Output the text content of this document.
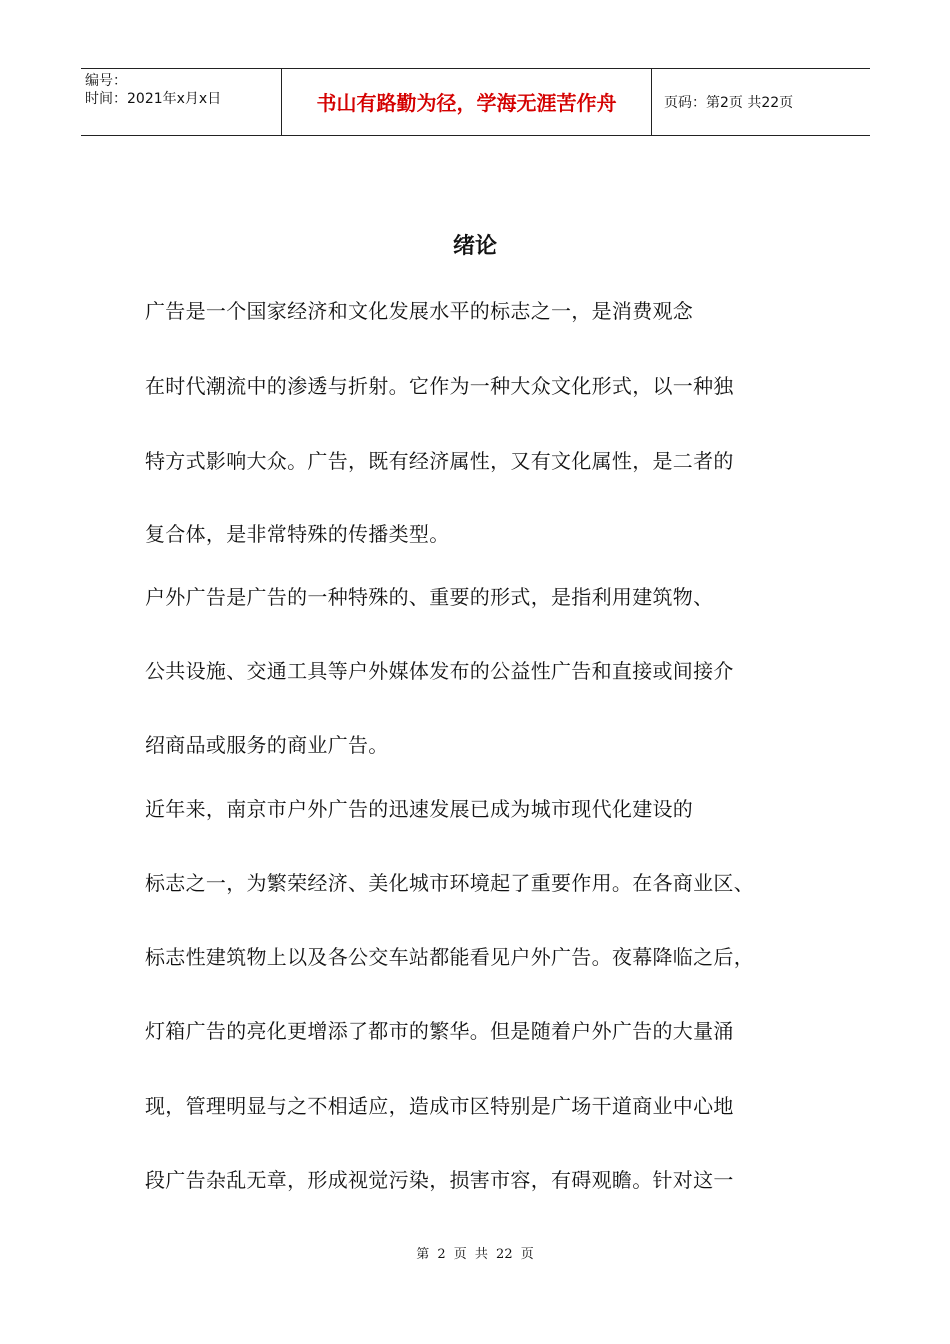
编号：
时间：2021年x月x日	书山有路勤为径，学海无涯苦作舟	页码：第2页 共22页
绪论
广告是一个国家经济和文化发展水平的标志之一，是消费观念
在时代潮流中的渗透与折射。它作为一种大众文化形式，以一种独
特方式影响大众。广告，既有经济属性，又有文化属性，是二者的
复合体，是非常特殊的传播类型。
户外广告是广告的一种特殊的、重要的形式，是指利用建筑物、
公共设施、交通工具等户外媒体发布的公益性广告和直接或间接介
绍商品或服务的商业广告。
近年来，南京市户外广告的迅速发展已成为城市现代化建设的
标志之一，为繁荣经济、美化城市环境起了重要作用。在各商业区、
标志性建筑物上以及各公交车站都能看见户外广告。夜幕降临之后，
灯箱广告的亮化更增添了都市的繁华。但是随着户外广告的大量涌
现，管理明显与之不相适应，造成市区特别是广场干道商业中心地
段广告杂乱无章，形成视觉污染，损害市容，有碍观瞻。针对这一
第 2 页 共 22 页
